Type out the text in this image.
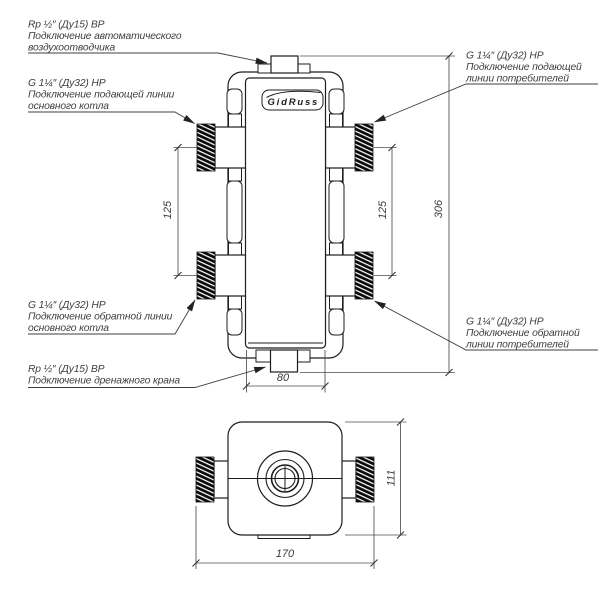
GidRuss
125	125	306
80
170
111
Rp ½″ (Ду15) ВР
Подключение автоматического
воздухоотводчика
G 1¼″ (Ду32) НР
Подключение подающей линии
основного котла
G 1¼″ (Ду32) НР
Подключение обратной линии
основного котла
Rp ½″ (Ду15) ВР
Подключение дренажного крана
G 1¼″ (Ду32) НР
Подключение подающей
линии потребителей
G 1¼″ (Ду32) НР
Подключение обратной
линии потребителей
